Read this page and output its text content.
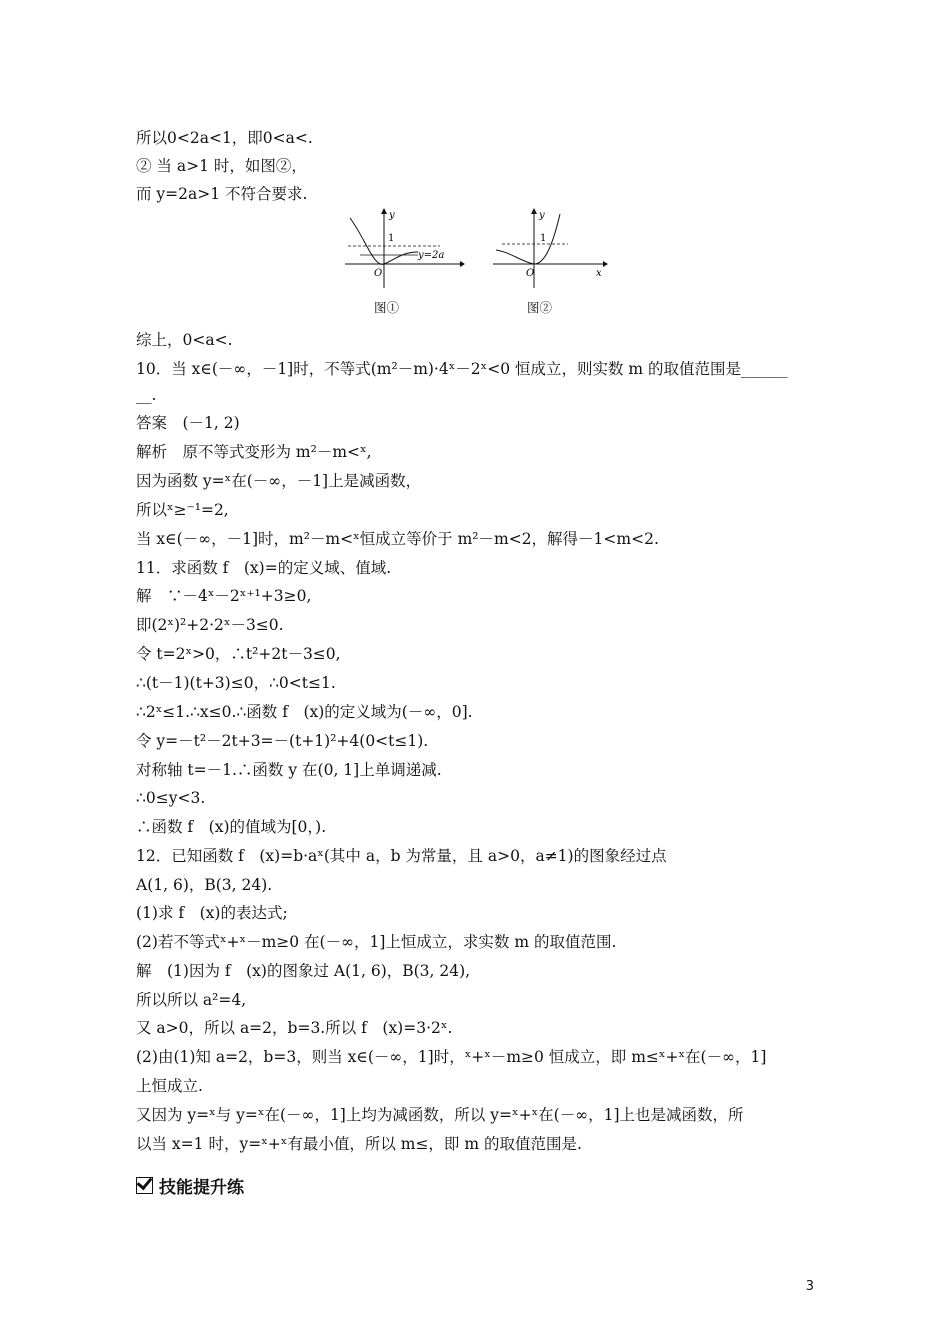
所以0<2a<1，即0<a<.
② 当 a>1 时，如图②，
而 y=2a>1 不符合要求.
y
1
y=2a
O
图①
y
1
x
O
图②
综上，0<a<.
10．当 x∈(－∞，－1]时，不等式(m²－m)·4ˣ－2ˣ<0 恒成立，则实数 m 的取值范围是______
__.
答案　(－1, 2)
解析　原不等式变形为 m²－m<ˣ,
因为函数 y=ˣ在(－∞，－1]上是减函数，
所以ˣ≥⁻¹=2,
当 x∈(－∞，－1]时，m²－m<ˣ恒成立等价于 m²－m<2，解得－1<m<2.
11．求函数 f　(x)=的定义域、值域.
解　∵－4ˣ－2ˣ⁺¹+3≥0,
即(2ˣ)²+2·2ˣ－3≤0.
令 t=2ˣ>0，∴t²+2t－3≤0,
∴(t－1)(t+3)≤0，∴0<t≤1.
∴2ˣ≤1.∴x≤0.∴函数 f　(x)的定义域为(－∞，0].
令 y=－t²－2t+3=－(t+1)²+4(0<t≤1).
对称轴 t=－1.∴函数 y 在(0, 1]上单调递减.
∴0≤y<3.
∴函数 f　(x)的值域为[0，).
12．已知函数 f　(x)=b·aˣ(其中 a，b 为常量，且 a>0，a≠1)的图象经过点
A(1, 6)，B(3, 24).
(1)求 f　(x)的表达式;
(2)若不等式ˣ+ˣ－m≥0 在(－∞，1]上恒成立，求实数 m 的取值范围.
解　(1)因为 f　(x)的图象过 A(1, 6)，B(3, 24),
所以所以 a²=4,
又 a>0，所以 a=2，b=3.所以 f　(x)=3·2ˣ.
(2)由(1)知 a=2，b=3，则当 x∈(－∞，1]时，ˣ+ˣ－m≥0 恒成立，即 m≤ˣ+ˣ在(－∞，1]
上恒成立.
又因为 y=ˣ与 y=ˣ在(－∞，1]上均为减函数，所以 y=ˣ+ˣ在(－∞，1]上也是减函数，所
以当 x=1 时，y=ˣ+ˣ有最小值，所以 m≤，即 m 的取值范围是.
技能提升练
3
